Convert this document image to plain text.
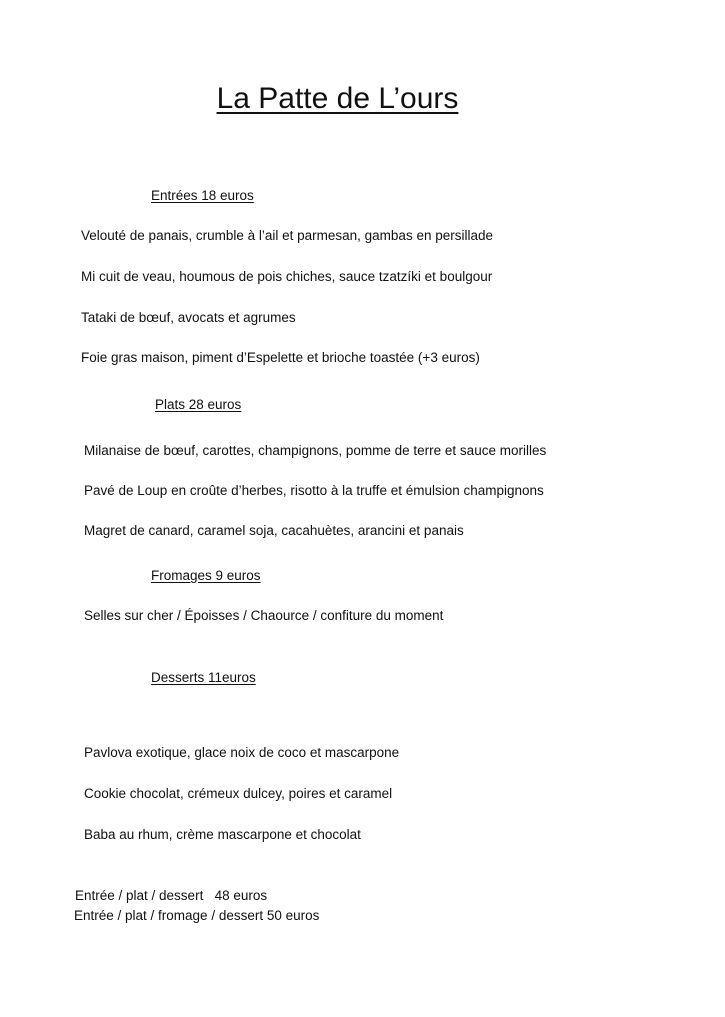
La Patte de L’ours
Entrées 18 euros
Velouté de panais, crumble à l’ail et parmesan, gambas en persillade
Mi cuit de veau, houmous de pois chiches, sauce tzatzíki et boulgour
Tataki de bœuf, avocats et agrumes
Foie gras maison, piment d’Espelette et brioche toastée (+3 euros)
Plats 28 euros
Milanaise de bœuf, carottes, champignons, pomme de terre et sauce morilles
Pavé de Loup en croûte d’herbes, risotto à la truffe et émulsion champignons
Magret de canard, caramel soja, cacahuètes, arancini et panais
Fromages 9 euros
Selles sur cher / Époisses / Chaource / confiture du moment
Desserts 11euros
Pavlova exotique, glace noix de coco et mascarpone
Cookie chocolat, crémeux dulcey, poires et caramel
Baba au rhum, crème mascarpone et chocolat
Entrée / plat / dessert   48 euros
Entrée / plat / fromage / dessert 50 euros
